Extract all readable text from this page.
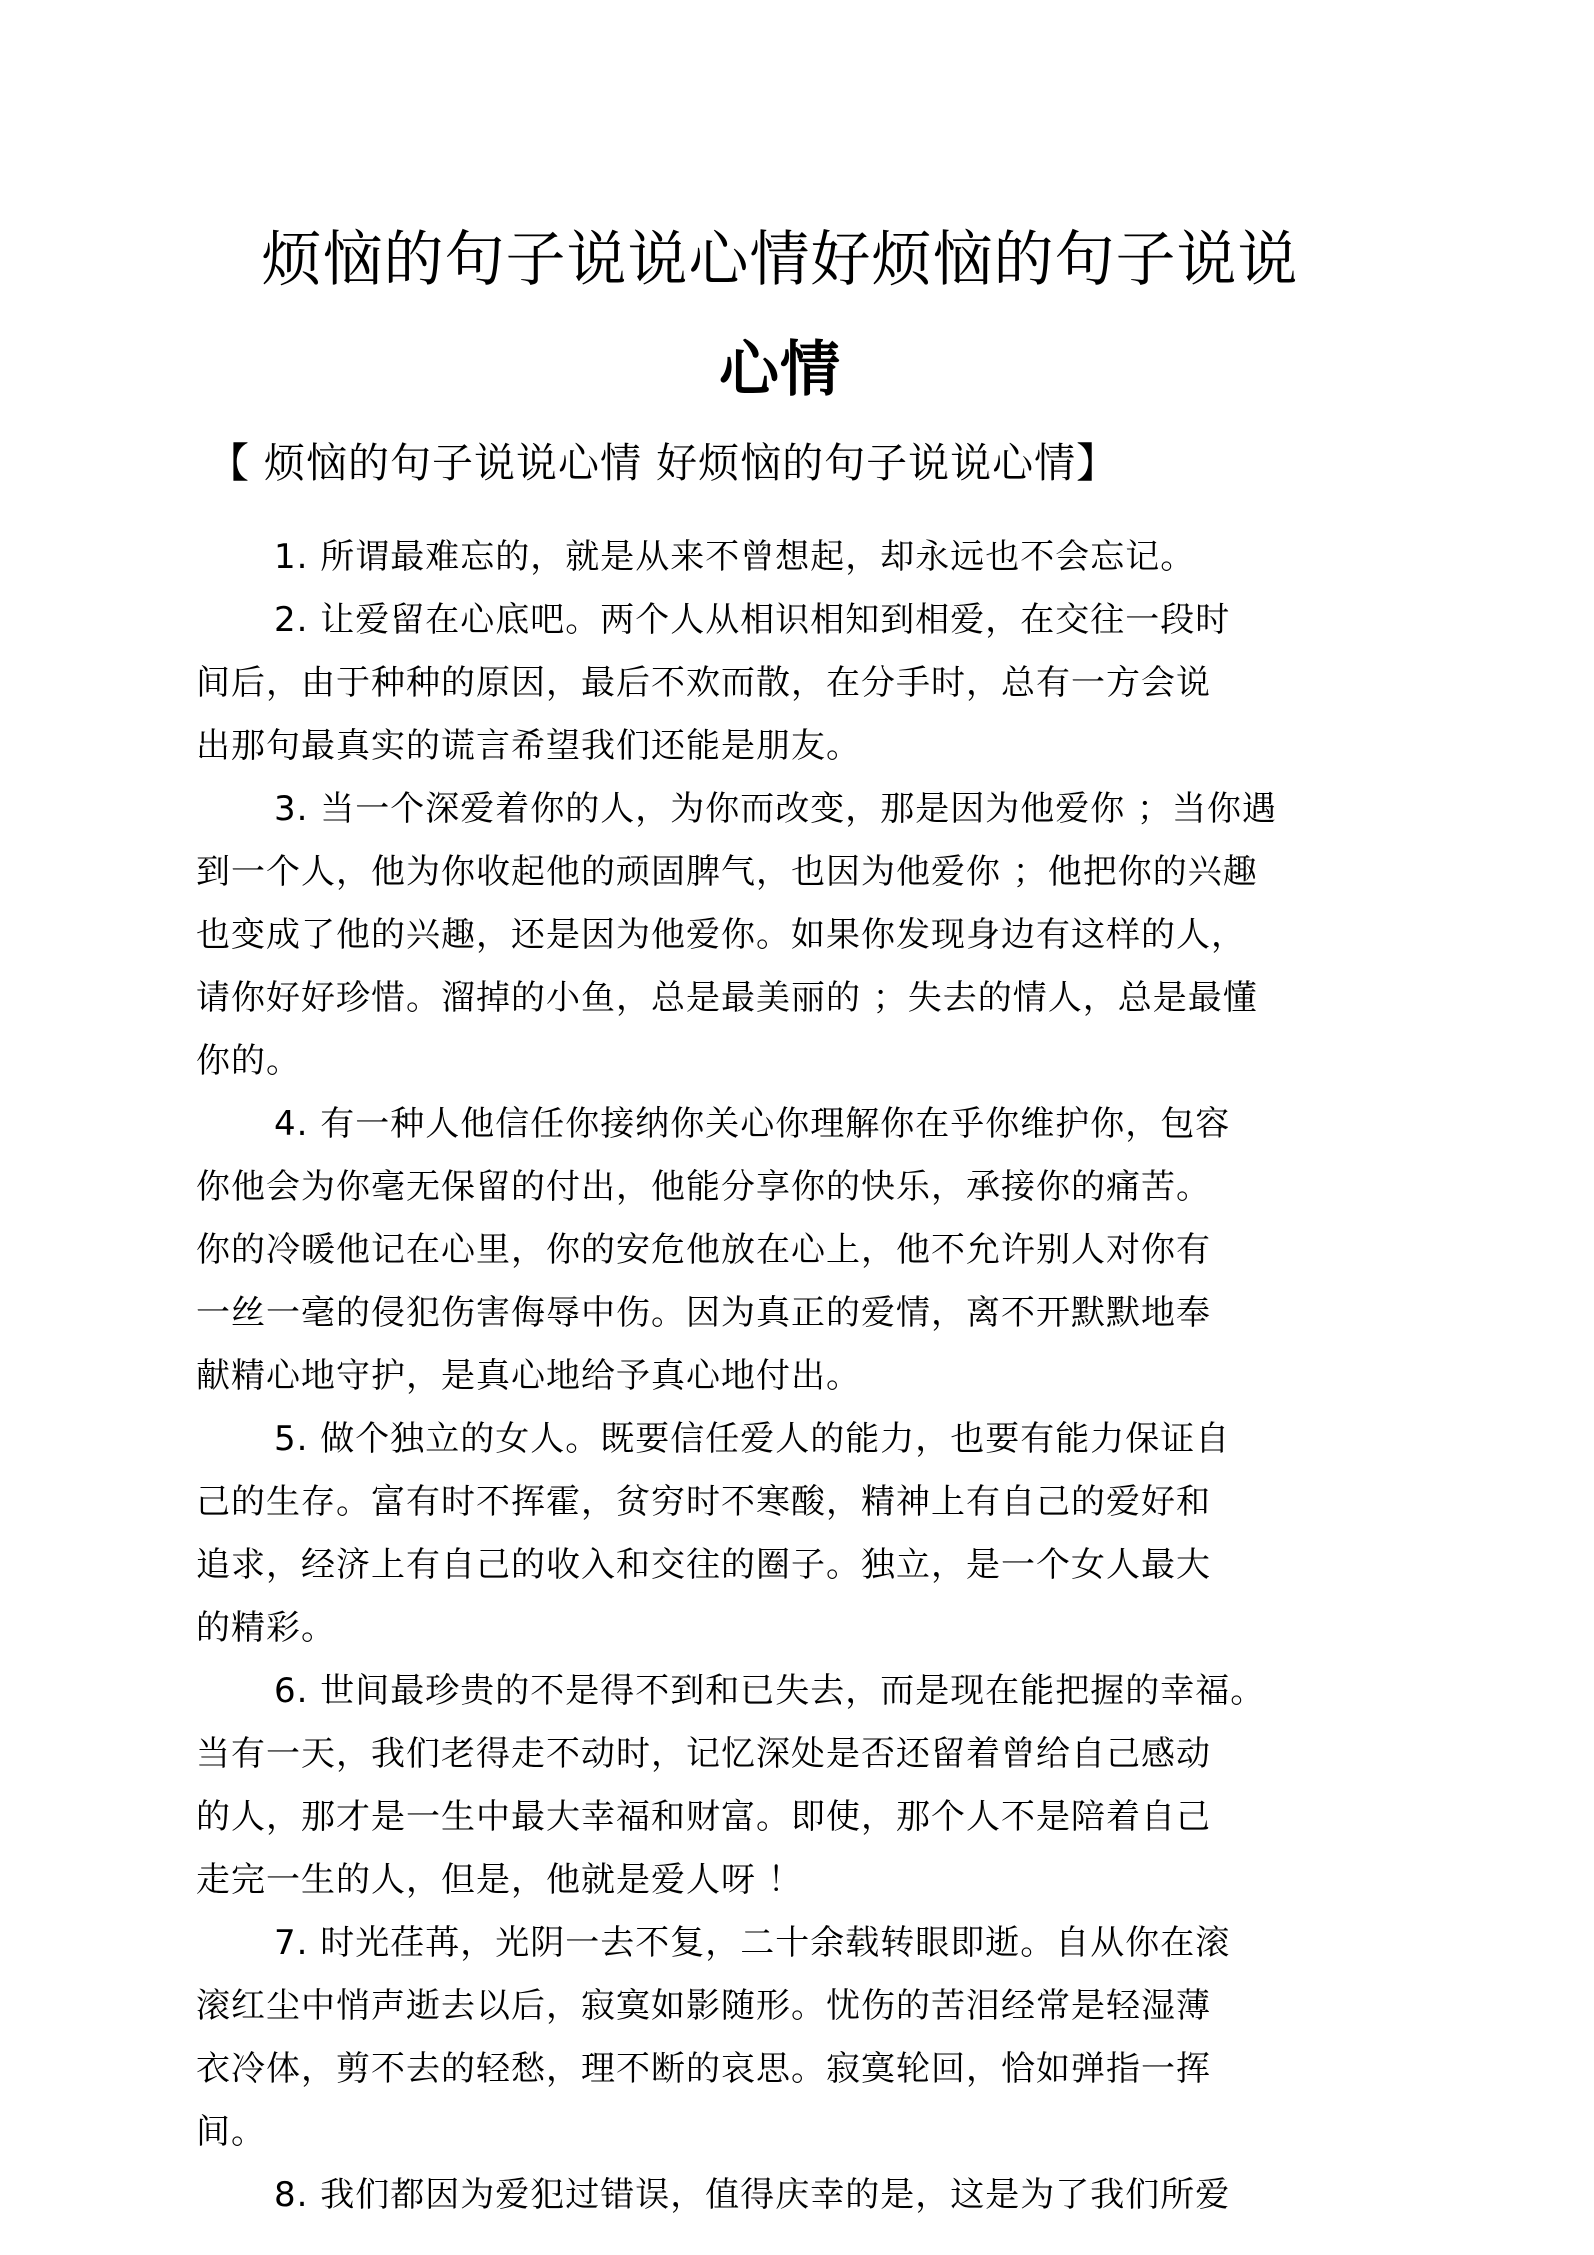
烦恼的句子说说心情好烦恼的句子说说
心情
【 烦恼的句子说说心情 好烦恼的句子说说心情】
1. 所谓最难忘的，就是从来不曾想起，却永远也不会忘记。
2. 让爱留在心底吧。两个人从相识相知到相爱，在交往一段时
间后，由于种种的原因，最后不欢而散，在分手时，总有一方会说
出那句最真实的谎言希望我们还能是朋友。
3. 当一个深爱着你的人，为你而改变，那是因为他爱你 ；当你遇
到一个人，他为你收起他的顽固脾气，也因为他爱你 ；他把你的兴趣
也变成了他的兴趣，还是因为他爱你。如果你发现身边有这样的人，
请你好好珍惜。溜掉的小鱼，总是最美丽的 ；失去的情人，总是最懂
你的。
4. 有一种人他信任你接纳你关心你理解你在乎你维护你，包容
你他会为你毫无保留的付出，他能分享你的快乐，承接你的痛苦。
你的冷暖他记在心里，你的安危他放在心上，他不允许别人对你有
一丝一毫的侵犯伤害侮辱中伤。因为真正的爱情，离不开默默地奉
献精心地守护，是真心地给予真心地付出。
5. 做个独立的女人。既要信任爱人的能力，也要有能力保证自
己的生存。富有时不挥霍，贫穷时不寒酸，精神上有自己的爱好和
追求，经济上有自己的收入和交往的圈子。独立，是一个女人最大
的精彩。
6. 世间最珍贵的不是得不到和已失去，而是现在能把握的幸福。
当有一天，我们老得走不动时，记忆深处是否还留着曾给自己感动
的人，那才是一生中最大幸福和财富。即使，那个人不是陪着自己
走完一生的人，但是，他就是爱人呀 ！
7. 时光荏苒，光阴一去不复，二十余载转眼即逝。自从你在滚
滚红尘中悄声逝去以后，寂寞如影随形。忧伤的苦泪经常是轻湿薄
衣冷体，剪不去的轻愁，理不断的哀思。寂寞轮回，恰如弹指一挥
间。
8. 我们都因为爱犯过错误，值得庆幸的是，这是为了我们所爱
